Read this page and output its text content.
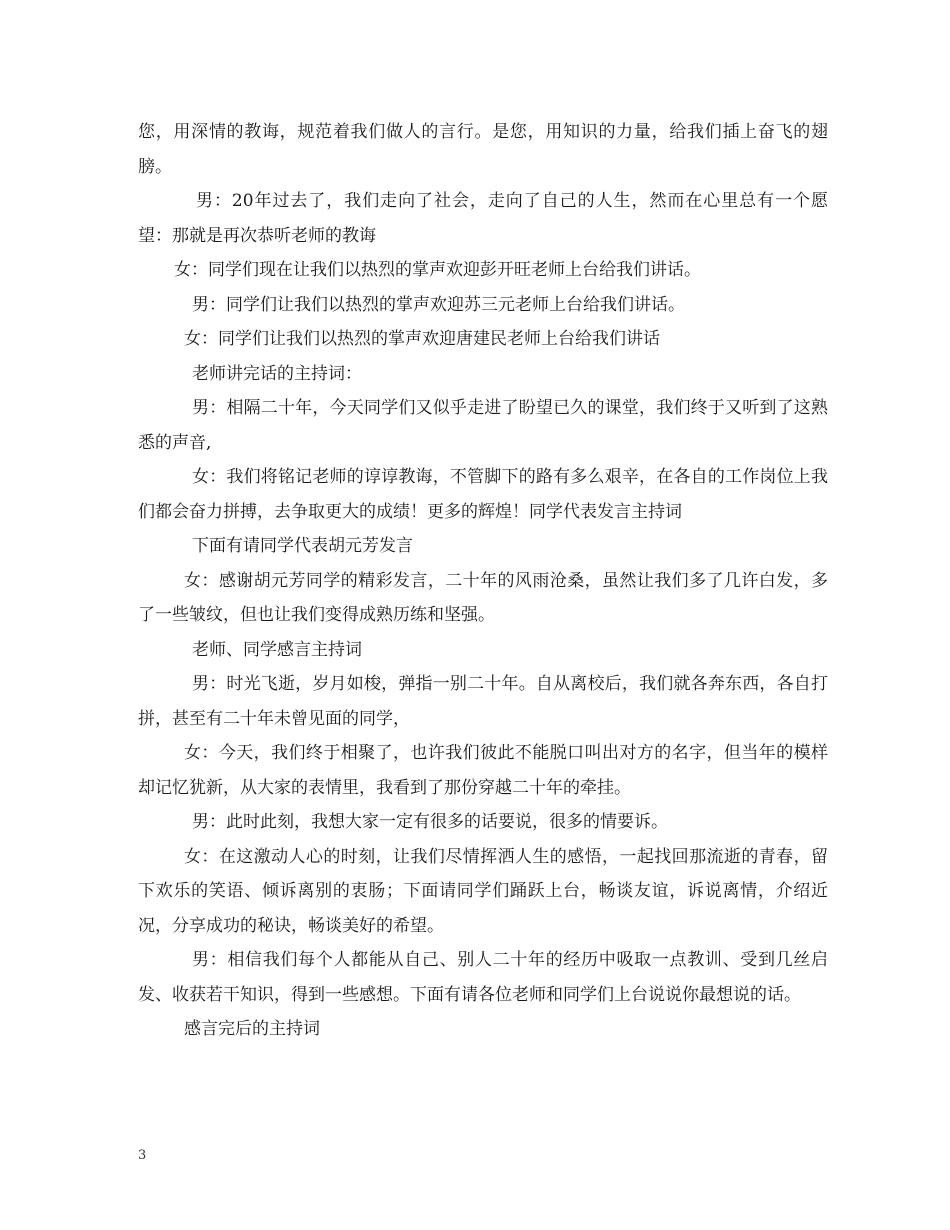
您，用深情的教诲，规范着我们做人的言行。是您，用知识的力量，给我们插上奋飞的翅膀。

男：20年过去了，我们走向了社会，走向了自己的人生，然而在心里总有一个愿望：那就是再次恭听老师的教诲

女：同学们现在让我们以热烈的掌声欢迎彭开旺老师上台给我们讲话。

男：同学们让我们以热烈的掌声欢迎苏三元老师上台给我们讲话。

女：同学们让我们以热烈的掌声欢迎唐建民老师上台给我们讲话

老师讲完话的主持词：

男：相隔二十年，今天同学们又似乎走进了盼望已久的课堂，我们终于又听到了这熟悉的声音,

女：我们将铭记老师的谆谆教诲，不管脚下的路有多么艰辛，在各自的工作岗位上我们都会奋力拼搏，去争取更大的成绩！更多的辉煌！同学代表发言主持词

下面有请同学代表胡元芳发言

女：感谢胡元芳同学的精彩发言，二十年的风雨沧桑，虽然让我们多了几许白发，多了一些皱纹，但也让我们变得成熟历练和坚强。

老师、同学感言主持词

男：时光飞逝，岁月如梭，弹指一别二十年。自从离校后，我们就各奔东西，各自打拼，甚至有二十年未曾见面的同学，

女：今天，我们终于相聚了，也许我们彼此不能脱口叫出对方的名字，但当年的模样却记忆犹新，从大家的表情里，我看到了那份穿越二十年的牵挂。

男：此时此刻，我想大家一定有很多的话要说，很多的情要诉。

女：在这激动人心的时刻，让我们尽情挥洒人生的感悟，一起找回那流逝的青春，留下欢乐的笑语、倾诉离别的衷肠；下面请同学们踊跃上台，畅谈友谊，诉说离情，介绍近况，分享成功的秘诀，畅谈美好的希望。

男：相信我们每个人都能从自己、别人二十年的经历中吸取一点教训、受到几丝启发、收获若干知识，得到一些感想。下面有请各位老师和同学们上台说说你最想说的话。

感言完后的主持词

3
